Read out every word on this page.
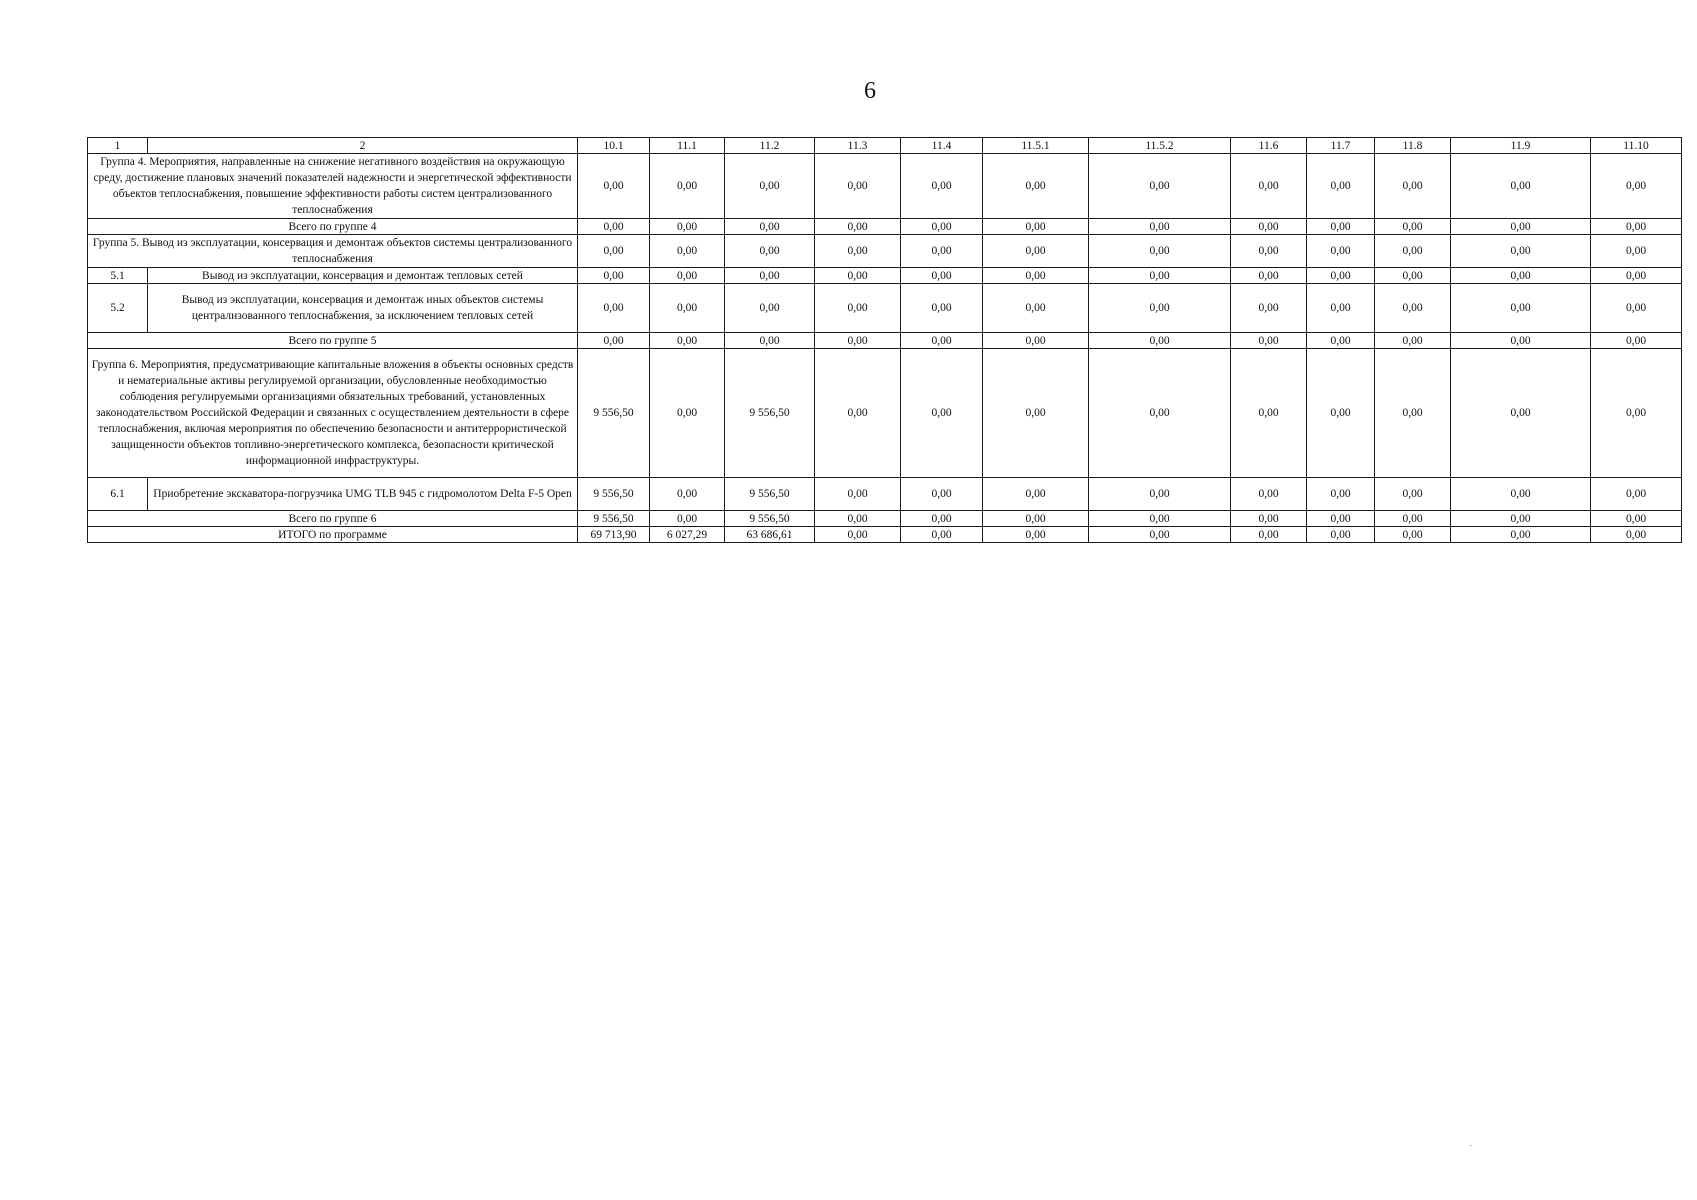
6
1	2	10.1	11.1	11.2	11.3	11.4	11.5.1	11.5.2	11.6	11.7	11.8	11.9	11.10
Группа 4. Мероприятия, направленные на снижение негативного воздействия на окружающую среду, достижение плановых значений показателей надежности и энергетической эффективности объектов теплоснабжения, повышение эффективности работы систем централизованного теплоснабжения		0,00	0,00	0,00	0,00	0,00	0,00	0,00	0,00	0,00	0,00	0,00	0,00
Всего по группе 4		0,00	0,00	0,00	0,00	0,00	0,00	0,00	0,00	0,00	0,00	0,00	0,00
Группа 5. Вывод из эксплуатации, консервация и демонтаж объектов системы централизованного теплоснабжения		0,00	0,00	0,00	0,00	0,00	0,00	0,00	0,00	0,00	0,00	0,00	0,00
5.1	Вывод из эксплуатации, консервация и демонтаж тепловых сетей	0,00	0,00	0,00	0,00	0,00	0,00	0,00	0,00	0,00	0,00	0,00	0,00
5.2	Вывод из эксплуатации, консервация и демонтаж иных объектов системы централизованного теплоснабжения, за исключением тепловых сетей	0,00	0,00	0,00	0,00	0,00	0,00	0,00	0,00	0,00	0,00	0,00	0,00
Всего по группе 5		0,00	0,00	0,00	0,00	0,00	0,00	0,00	0,00	0,00	0,00	0,00	0,00
Группа 6. Мероприятия, предусматривающие капитальные вложения в объекты основных средств и нематериальные активы регулируемой организации, обусловленные необходимостью соблюдения регулируемыми организациями обязательных требований, установленных законодательством Российской Федерации и связанных с осуществлением деятельности в сфере теплоснабжения, включая мероприятия по обеспечению безопасности и антитеррористической защищенности объектов топливно-энергетического комплекса, безопасности критической информационной инфраструктуры.		9 556,50	0,00	9 556,50	0,00	0,00	0,00	0,00	0,00	0,00	0,00	0,00	0,00
6.1	Приобретение экскаватора-погрузчика UMG TLB 945 с гидромолотом Delta F-5 Open	9 556,50	0,00	9 556,50	0,00	0,00	0,00	0,00	0,00	0,00	0,00	0,00	0,00
Всего по группе 6		9 556,50	0,00	9 556,50	0,00	0,00	0,00	0,00	0,00	0,00	0,00	0,00	0,00
ИТОГО по программе		69 713,90	6 027,29	63 686,61	0,00	0,00	0,00	0,00	0,00	0,00	0,00	0,00	0,00
